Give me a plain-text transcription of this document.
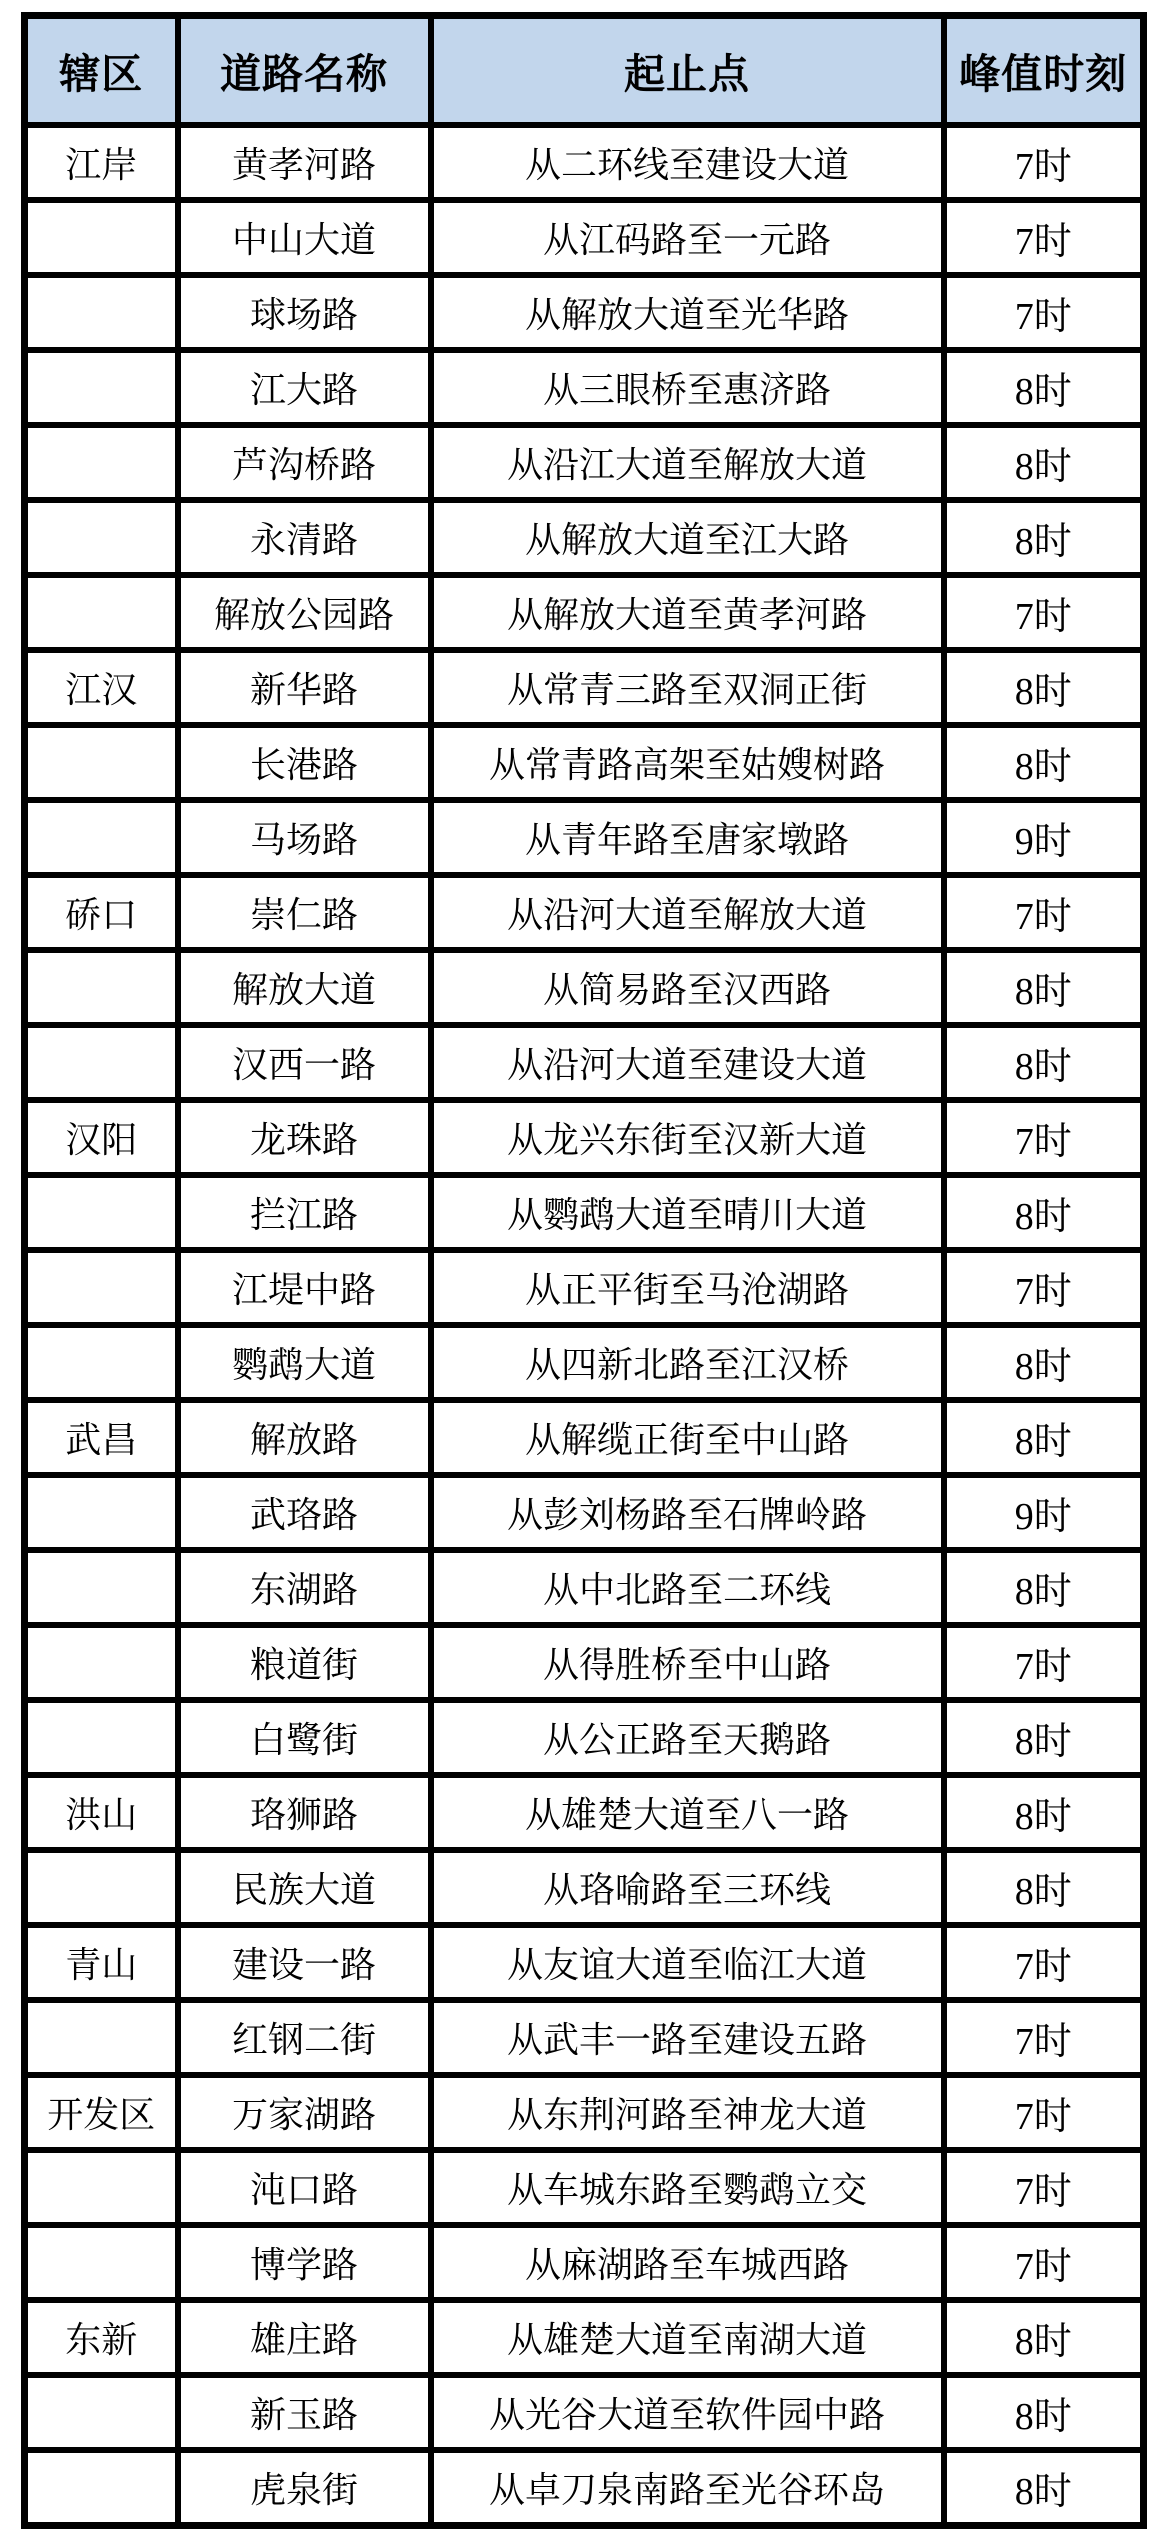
辖区	道路名称	起止点	峰值时刻
江岸	黄孝河路	从二环线至建设大道	7时
	中山大道	从江码路至一元路	7时
	球场路	从解放大道至光华路	7时
	江大路	从三眼桥至惠济路	8时
	芦沟桥路	从沿江大道至解放大道	8时
	永清路	从解放大道至江大路	8时
	解放公园路	从解放大道至黄孝河路	7时
江汉	新华路	从常青三路至双洞正街	8时
	长港路	从常青路高架至姑嫂树路	8时
	马场路	从青年路至唐家墩路	9时
硚口	崇仁路	从沿河大道至解放大道	7时
	解放大道	从简易路至汉西路	8时
	汉西一路	从沿河大道至建设大道	8时
汉阳	龙珠路	从龙兴东街至汉新大道	7时
	拦江路	从鹦鹉大道至晴川大道	8时
	江堤中路	从正平街至马沧湖路	7时
	鹦鹉大道	从四新北路至江汉桥	8时
武昌	解放路	从解缆正街至中山路	8时
	武珞路	从彭刘杨路至石牌岭路	9时
	东湖路	从中北路至二环线	8时
	粮道街	从得胜桥至中山路	7时
	白鹭街	从公正路至天鹅路	8时
洪山	珞狮路	从雄楚大道至八一路	8时
	民族大道	从珞喻路至三环线	8时
青山	建设一路	从友谊大道至临江大道	7时
	红钢二街	从武丰一路至建设五路	7时
开发区	万家湖路	从东荆河路至神龙大道	7时
	沌口路	从车城东路至鹦鹉立交	7时
	博学路	从麻湖路至车城西路	7时
东新	雄庄路	从雄楚大道至南湖大道	8时
	新玉路	从光谷大道至软件园中路	8时
	虎泉街	从卓刀泉南路至光谷环岛	8时
